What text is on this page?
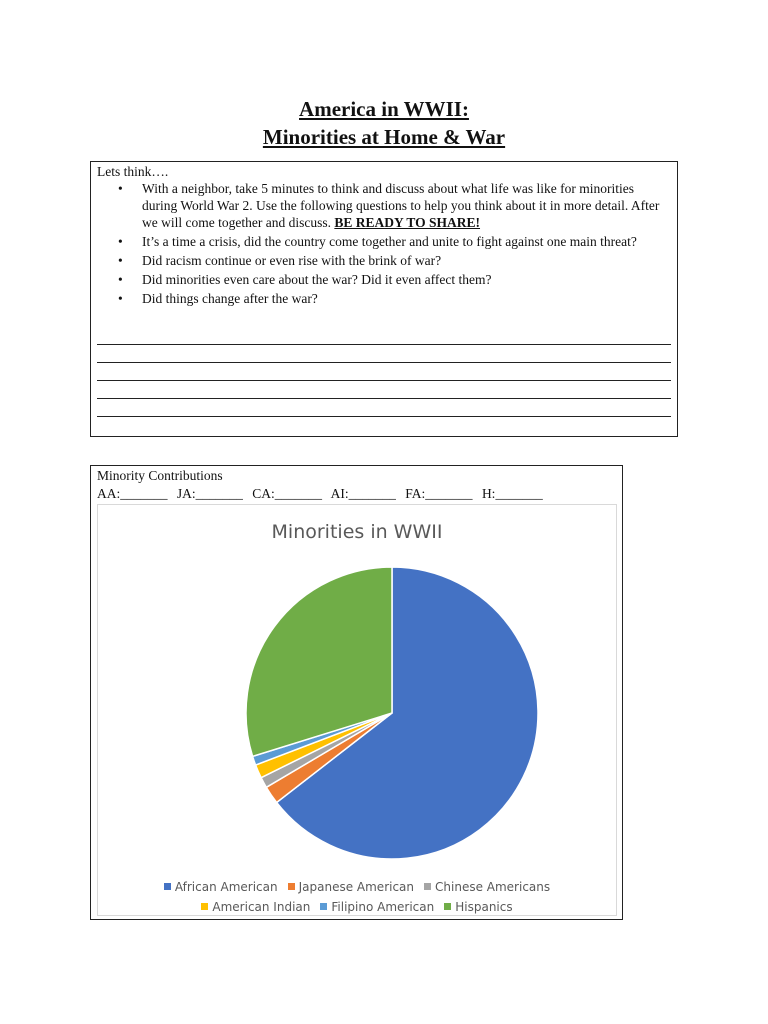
America in WWII:
Minorities at Home & War
Lets think….
• With a neighbor, take 5 minutes to think and discuss about what life was like for minorities during World War 2. Use the following questions to help you think about it in more detail. After we will come together and discuss. BE READY TO SHARE!
• It’s a time a crisis, did the country come together and unite to fight against one main threat?
• Did racism continue or even rise with the brink of war?
• Did minorities even care about the war? Did it even affect them?
• Did things change after the war?
Minority Contributions
AA:_______ JA:_______ CA:_______ AI:_______ FA:_______ H:_______
Minorities in WWII
African American Japanese American Chinese Americans
American Indian Filipino American Hispanics
